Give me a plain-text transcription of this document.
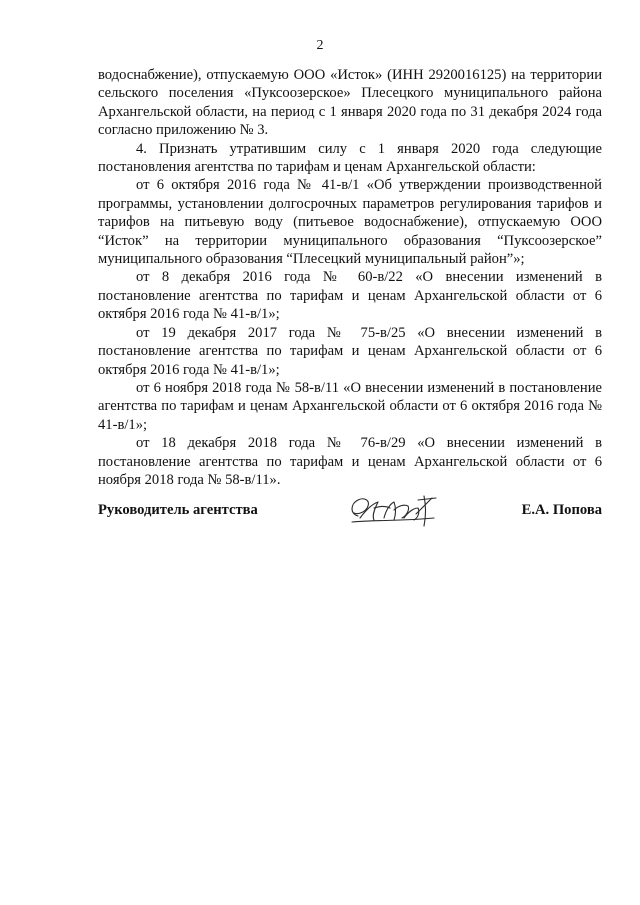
2

водоснабжение), отпускаемую ООО «Исток» (ИНН 2920016125) на территории сельского поселения «Пуксоозерское» Плесецкого муниципального района Архангельской области, на период с 1 января 2020 года по 31 декабря 2024 года согласно приложению № 3.

4. Признать утратившим силу с 1 января 2020 года следующие постановления агентства по тарифам и ценам Архангельской области:

от 6 октября 2016 года № 41-в/1 «Об утверждении производственной программы, установлении долгосрочных параметров регулирования тарифов и тарифов на питьевую воду (питьевое водоснабжение), отпускаемую ООО “Исток” на территории муниципального образования “Пуксоозерское” муниципального образования “Плесецкий муниципальный район”»;

от 8 декабря 2016 года № 60-в/22 «О внесении изменений в постановление агентства по тарифам и ценам Архангельской области от 6 октября 2016 года № 41-в/1»;

от 19 декабря 2017 года № 75-в/25 «О внесении изменений в постановление агентства по тарифам и ценам Архангельской области от 6 октября 2016 года № 41-в/1»;

от 6 ноября 2018 года № 58-в/11 «О внесении изменений в постановление агентства по тарифам и ценам Архангельской области от 6 октября 2016 года № 41-в/1»;

от 18 декабря 2018 года № 76-в/29 «О внесении изменений в постановление агентства по тарифам и ценам Архангельской области от 6 ноября 2018 года № 58-в/11».

Руководитель агентства	Е.А. Попова
